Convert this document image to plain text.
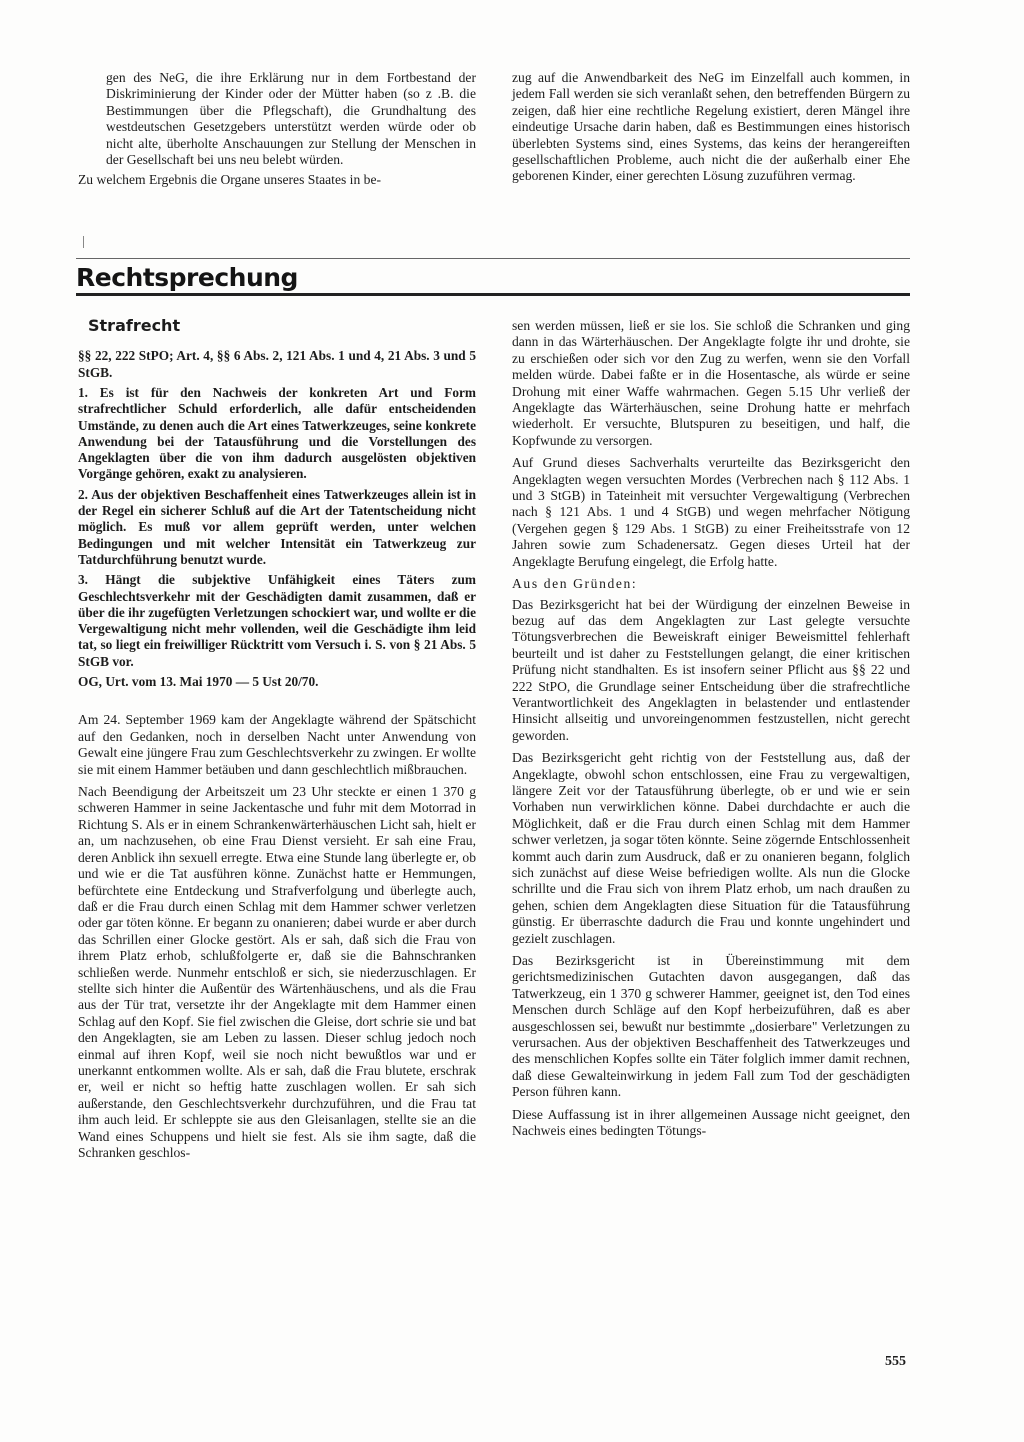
gen des NeG, die ihre Erklärung nur in dem Fortbestand der Diskriminierung der Kinder oder der Mütter haben (so z .B. die Bestimmungen über die Pflegschaft), die Grundhaltung des westdeutschen Gesetzgebers unterstützt werden würde oder ob nicht alte, überholte Anschauungen zur Stellung der Menschen in der Gesellschaft bei uns neu belebt würden.

Zu welchem Ergebnis die Organe unseres Staates in be-

zug auf die Anwendbarkeit des NeG im Einzelfall auch kommen, in jedem Fall werden sie sich veranlaßt sehen, den betreffenden Bürgern zu zeigen, daß hier eine rechtliche Regelung existiert, deren Mängel ihre eindeutige Ursache darin haben, daß es Bestimmungen eines historisch überlebten Systems sind, eines Systems, das keins der herangereiften gesellschaftlichen Probleme, auch nicht die der außerhalb einer Ehe geborenen Kinder, einer gerechten Lösung zuzuführen vermag.

Rechtsprechung
Strafrecht

§§ 22, 222 StPO; Art. 4, §§ 6 Abs. 2, 121 Abs. 1 und 4, 21 Abs. 3 und 5 StGB.

1. Es ist für den Nachweis der konkreten Art und Form strafrechtlicher Schuld erforderlich, alle dafür entscheidenden Umstände, zu denen auch die Art eines Tatwerkzeuges, seine konkrete Anwendung bei der Tatausführung und die Vorstellungen des Angeklagten über die von ihm dadurch ausgelösten objektiven Vorgänge gehören, exakt zu analysieren.

2. Aus der objektiven Beschaffenheit eines Tatwerkzeuges allein ist in der Regel ein sicherer Schluß auf die Art der Tatentscheidung nicht möglich. Es muß vor allem geprüft werden, unter welchen Bedingungen und mit welcher Intensität ein Tatwerkzeug zur Tatdurchführung benutzt wurde.

3. Hängt die subjektive Unfähigkeit eines Täters zum Geschlechtsverkehr mit der Geschädigten damit zusammen, daß er über die ihr zugefügten Verletzungen schockiert war, und wollte er die Vergewaltigung nicht mehr vollenden, weil die Geschädigte ihm leid tat, so liegt ein freiwilliger Rücktritt vom Versuch i. S. von § 21 Abs. 5 StGB vor.

OG, Urt. vom 13. Mai 1970 — 5 Ust 20/70.

Am 24. September 1969 kam der Angeklagte während der Spätschicht auf den Gedanken, noch in derselben Nacht unter Anwendung von Gewalt eine jüngere Frau zum Geschlechtsverkehr zu zwingen. Er wollte sie mit einem Hammer betäuben und dann geschlechtlich mißbrauchen.

Nach Beendigung der Arbeitszeit um 23 Uhr steckte er einen 1 370 g schweren Hammer in seine Jackentasche und fuhr mit dem Motorrad in Richtung S. Als er in einem Schrankenwärterhäuschen Licht sah, hielt er an, um nachzusehen, ob eine Frau Dienst versieht. Er sah eine Frau, deren Anblick ihn sexuell erregte. Etwa eine Stunde lang überlegte er, ob und wie er die Tat ausführen könne. Zunächst hatte er Hemmungen, befürchtete eine Entdeckung und Strafverfolgung und überlegte auch, daß er die Frau durch einen Schlag mit dem Hammer schwer verletzen oder gar töten könne. Er begann zu onanieren; dabei wurde er aber durch das Schrillen einer Glocke gestört. Als er sah, daß sich die Frau von ihrem Platz erhob, schlußfolgerte er, daß sie die Bahnschranken schließen werde. Nunmehr entschloß er sich, sie niederzuschlagen. Er stellte sich hinter die Außentür des Wärtenhäuschens, und als die Frau aus der Tür trat, versetzte ihr der Angeklagte mit dem Hammer einen Schlag auf den Kopf. Sie fiel zwischen die Gleise, dort schrie sie und bat den Angeklagten, sie am Leben zu lassen. Dieser schlug jedoch noch einmal auf ihren Kopf, weil sie noch nicht bewußtlos war und er unerkannt entkommen wollte. Als er sah, daß die Frau blutete, erschrak er, weil er nicht so heftig hatte zuschlagen wollen. Er sah sich außerstande, den Geschlechtsverkehr durchzuführen, und die Frau tat ihm auch leid. Er schleppte sie aus den Gleisanlagen, stellte sie an die Wand eines Schuppens und hielt sie fest. Als sie ihm sagte, daß die Schranken geschlos-

sen werden müssen, ließ er sie los. Sie schloß die Schranken und ging dann in das Wärterhäuschen. Der Angeklagte folgte ihr und drohte, sie zu erschießen oder sich vor den Zug zu werfen, wenn sie den Vorfall melden würde. Dabei faßte er in die Hosentasche, als würde er seine Drohung mit einer Waffe wahrmachen. Gegen 5.15 Uhr verließ der Angeklagte das Wärterhäuschen, seine Drohung hatte er mehrfach wiederholt. Er versuchte, Blutspuren zu beseitigen, und half, die Kopfwunde zu versorgen.

Auf Grund dieses Sachverhalts verurteilte das Bezirksgericht den Angeklagten wegen versuchten Mordes (Verbrechen nach § 112 Abs. 1 und 3 StGB) in Tateinheit mit versuchter Vergewaltigung (Verbrechen nach § 121 Abs. 1 und 4 StGB) und wegen mehrfacher Nötigung (Vergehen gegen § 129 Abs. 1 StGB) zu einer Freiheitsstrafe von 12 Jahren sowie zum Schadenersatz. Gegen dieses Urteil hat der Angeklagte Berufung eingelegt, die Erfolg hatte.

Aus den Gründen:

Das Bezirksgericht hat bei der Würdigung der einzelnen Beweise in bezug auf das dem Angeklagten zur Last gelegte versuchte Tötungsverbrechen die Beweiskraft einiger Beweismittel fehlerhaft beurteilt und ist daher zu Feststellungen gelangt, die einer kritischen Prüfung nicht standhalten. Es ist insofern seiner Pflicht aus §§ 22 und 222 StPO, die Grundlage seiner Entscheidung über die strafrechtliche Verantwortlichkeit des Angeklagten in belastender und entlastender Hinsicht allseitig und unvoreingenommen festzustellen, nicht gerecht geworden.

Das Bezirksgericht geht richtig von der Feststellung aus, daß der Angeklagte, obwohl schon entschlossen, eine Frau zu vergewaltigen, längere Zeit vor der Tatausführung überlegte, ob er und wie er sein Vorhaben nun verwirklichen könne. Dabei durchdachte er auch die Möglichkeit, daß er die Frau durch einen Schlag mit dem Hammer schwer verletzen, ja sogar töten könnte. Seine zögernde Entschlossenheit kommt auch darin zum Ausdruck, daß er zu onanieren begann, folglich sich zunächst auf diese Weise befriedigen wollte. Als nun die Glocke schrillte und die Frau sich von ihrem Platz erhob, um nach draußen zu gehen, schien dem Angeklagten diese Situation für die Tatausführung günstig. Er überraschte dadurch die Frau und konnte ungehindert und gezielt zuschlagen.

Das Bezirksgericht ist in Übereinstimmung mit dem gerichtsmedizinischen Gutachten davon ausgegangen, daß das Tatwerkzeug, ein 1 370 g schwerer Hammer, geeignet ist, den Tod eines Menschen durch Schläge auf den Kopf herbeizuführen, daß es aber ausgeschlossen sei, bewußt nur bestimmte „dosierbare" Verletzungen zu verursachen. Aus der objektiven Beschaffenheit des Tatwerkzeuges und des menschlichen Kopfes sollte ein Täter folglich immer damit rechnen, daß diese Gewalteinwirkung in jedem Fall zum Tod der geschädigten Person führen kann.

Diese Auffassung ist in ihrer allgemeinen Aussage nicht geeignet, den Nachweis eines bedingten Tötungs-

555
